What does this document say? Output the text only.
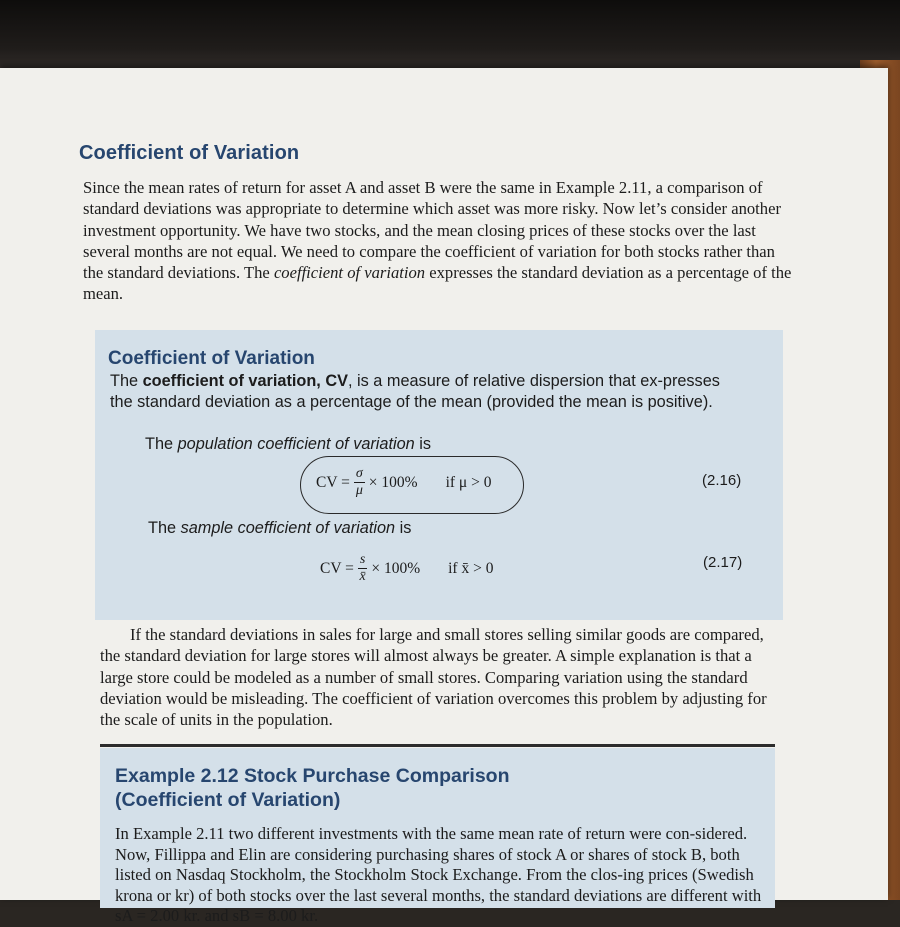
Coefficient of Variation

Since the mean rates of return for asset A and asset B were the same in Example 2.11, a comparison of standard deviations was appropriate to determine which asset was more risky. Now let’s consider another investment opportunity. We have two stocks, and the mean closing prices of these stocks over the last several months are not equal. We need to compare the coefficient of variation for both stocks rather than the standard deviations. The coefficient of variation expresses the standard deviation as a percentage of the mean.

Coefficient of Variation

The coefficient of variation, CV, is a measure of relative dispersion that ex-presses the standard deviation as a percentage of the mean (provided the mean is positive).

The population coefficient of variation is
CV = $\frac{\sigma}{\mu} \times 100\%$ if μ > 0	(2.16)
The sample coefficient of variation is
CV = $\frac{s}{x̄} \times 100\%$ if x̄ > 0	(2.17)

If the standard deviations in sales for large and small stores selling similar goods are compared, the standard deviation for large stores will almost always be greater. A simple explanation is that a large store could be modeled as a number of small stores. Comparing variation using the standard deviation would be misleading. The coefficient of variation overcomes this problem by adjusting for the scale of units in the population.

Example 2.12 Stock Purchase Comparison
(Coefficient of Variation)

In Example 2.11 two different investments with the same mean rate of return were con-sidered. Now, Fillippa and Elin are considering purchasing shares of stock A or shares of stock B, both listed on Nasdaq Stockholm, the Stockholm Stock Exchange. From the clos-ing prices (Swedish krona or kr) of both stocks over the last several months, the standard deviations are different with sA = 2.00 kr. and sB = 8.00 kr.
